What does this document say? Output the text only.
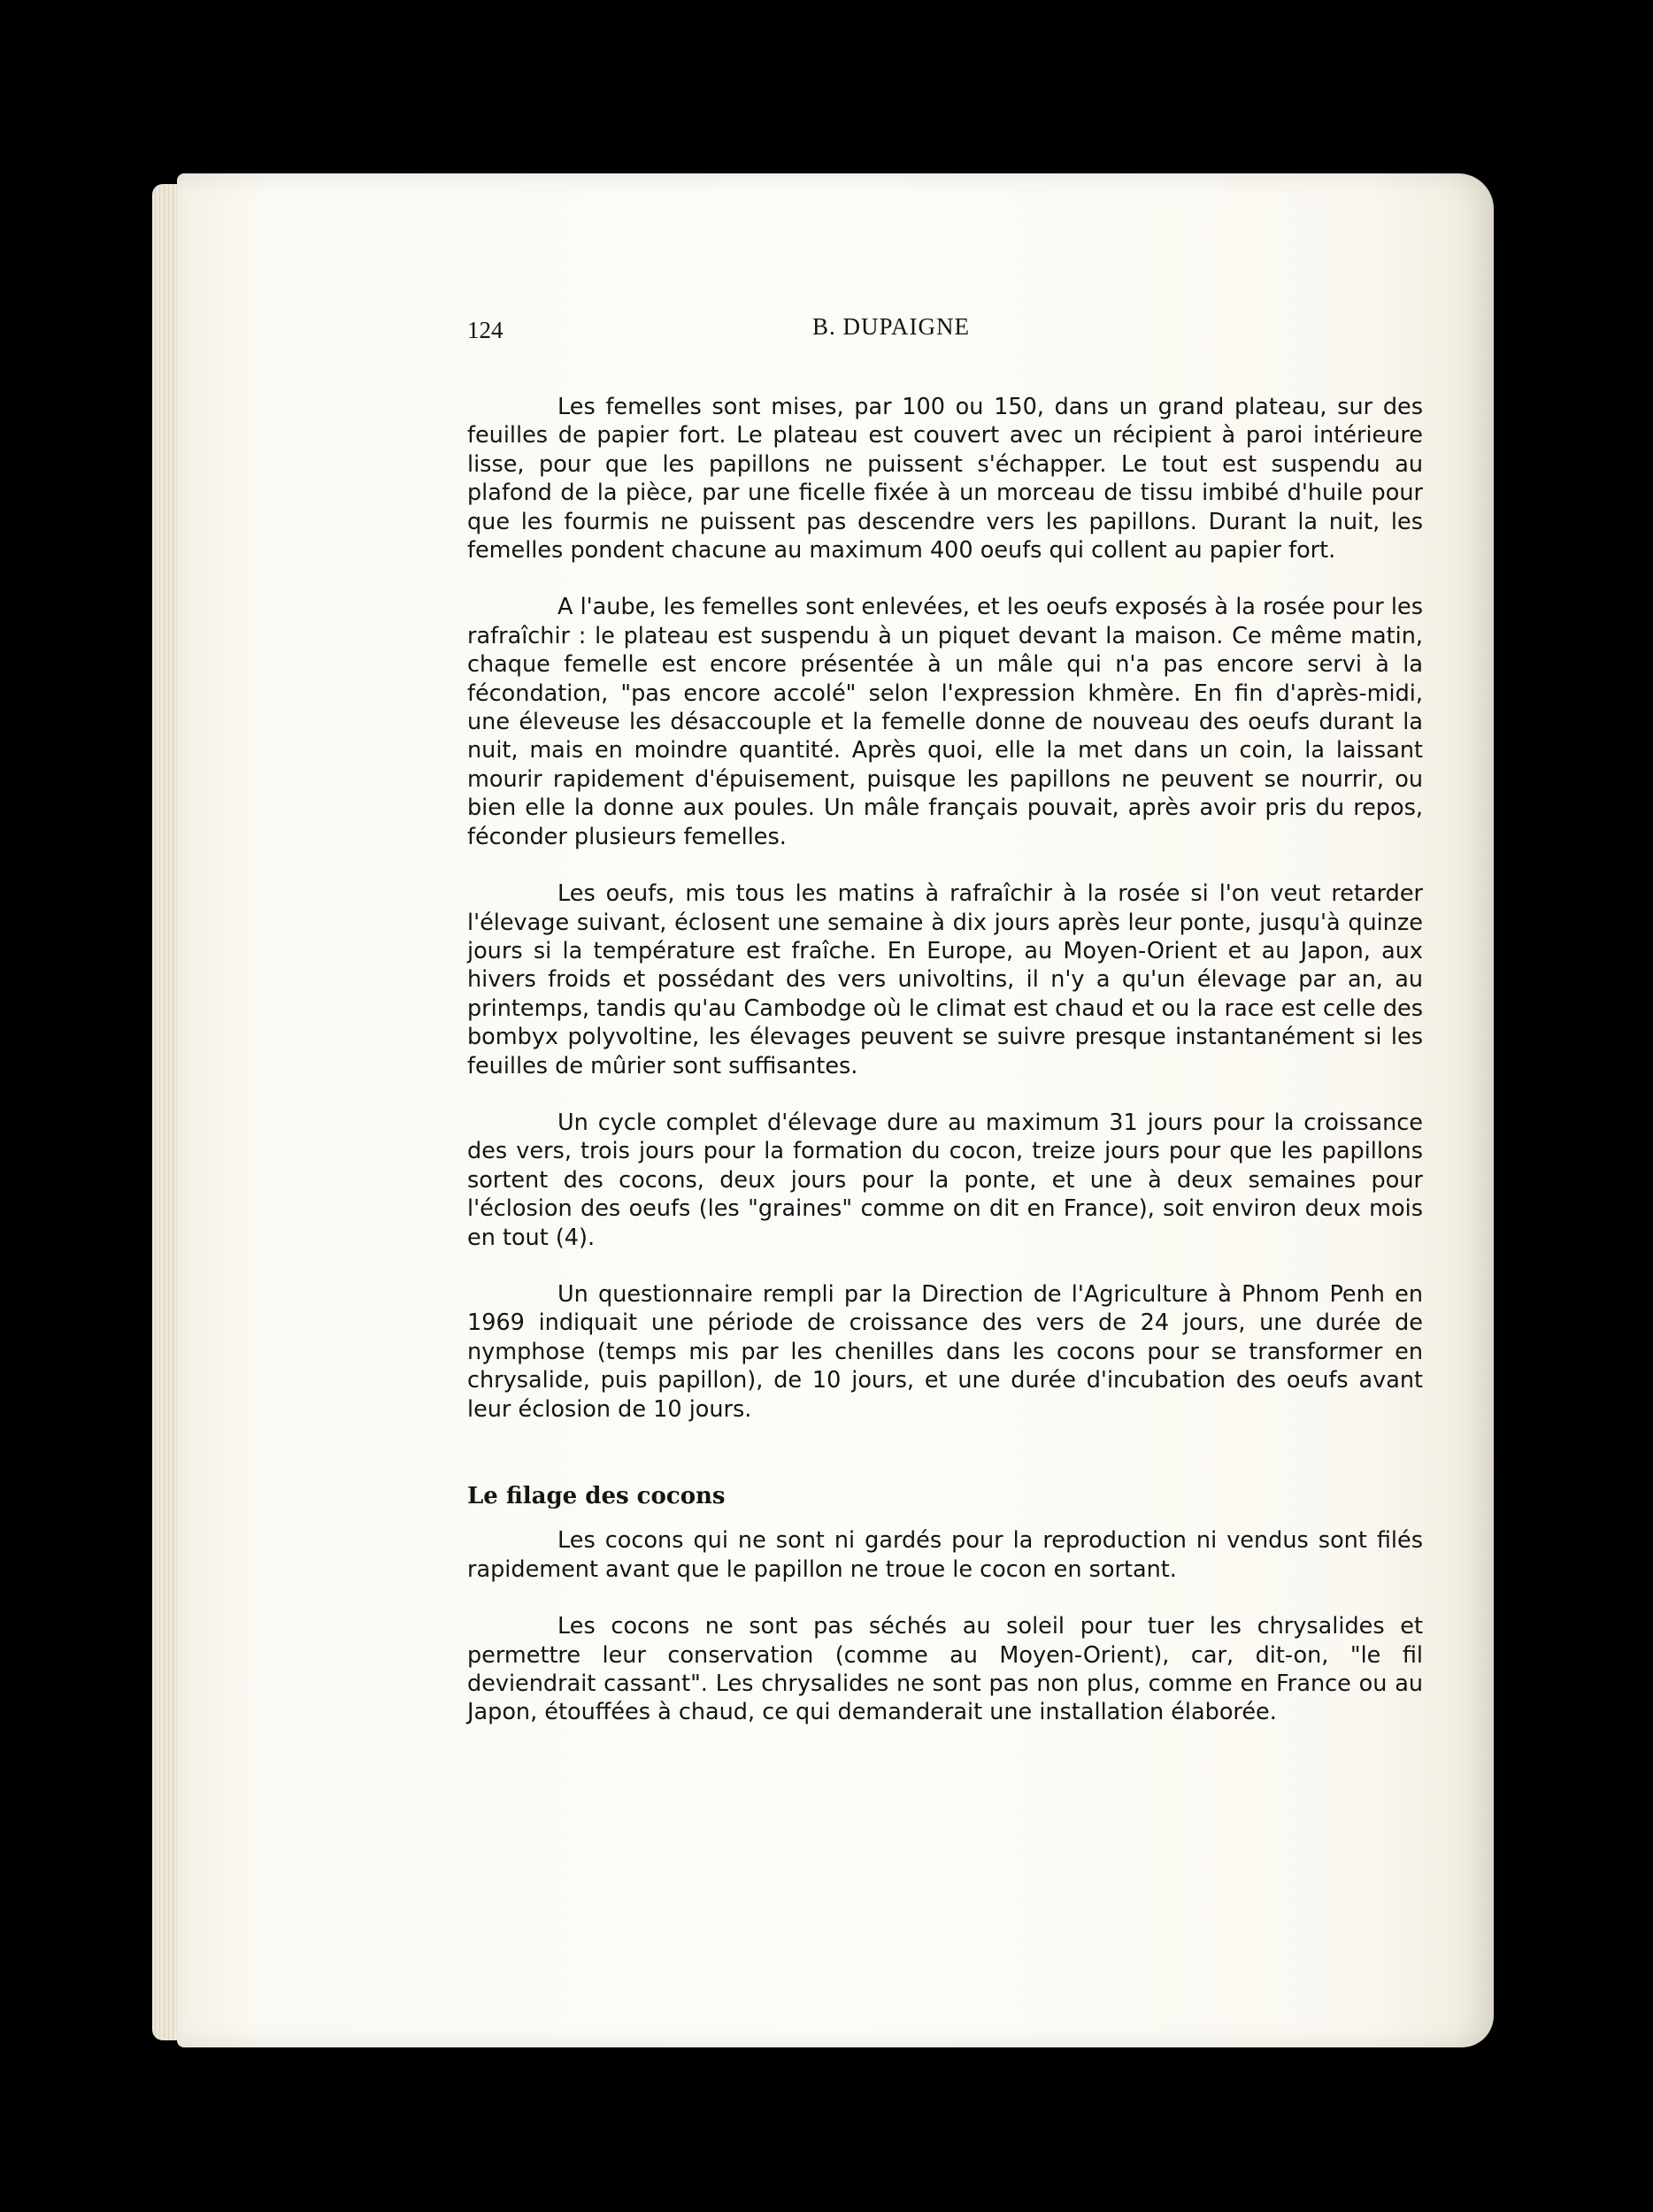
124	B. DUPAIGNE

Les femelles sont mises, par 100 ou 150, dans un grand plateau, sur des feuilles de papier fort. Le plateau est couvert avec un récipient à paroi intérieure lisse, pour que les papillons ne puissent s'échapper. Le tout est suspendu au plafond de la pièce, par une ficelle fixée à un morceau de tissu imbibé d'huile pour que les fourmis ne puissent pas descendre vers les papillons. Durant la nuit, les femelles pondent chacune au maximum 400 oeufs qui collent au papier fort.

A l'aube, les femelles sont enlevées, et les oeufs exposés à la rosée pour les rafraîchir : le plateau est suspendu à un piquet devant la maison. Ce même matin, chaque femelle est encore présentée à un mâle qui n'a pas encore servi à la fécondation, "pas encore accolé" selon l'expression khmère. En fin d'après-midi, une éleveuse les désaccouple et la femelle donne de nouveau des oeufs durant la nuit, mais en moindre quantité. Après quoi, elle la met dans un coin, la laissant mourir rapidement d'épuisement, puisque les papillons ne peuvent se nourrir, ou bien elle la donne aux poules. Un mâle français pouvait, après avoir pris du repos, féconder plusieurs femelles.

Les oeufs, mis tous les matins à rafraîchir à la rosée si l'on veut retarder l'élevage suivant, éclosent une semaine à dix jours après leur ponte, jusqu'à quinze jours si la température est fraîche. En Europe, au Moyen-Orient et au Japon, aux hivers froids et possédant des vers univoltins, il n'y a qu'un élevage par an, au printemps, tandis qu'au Cambodge où le climat est chaud et ou la race est celle des bombyx polyvoltine, les élevages peuvent se suivre presque instantanément si les feuilles de mûrier sont suffisantes.

Un cycle complet d'élevage dure au maximum 31 jours pour la croissance des vers, trois jours pour la formation du cocon, treize jours pour que les papillons sortent des cocons, deux jours pour la ponte, et une à deux semaines pour l'éclosion des oeufs (les "graines" comme on dit en France), soit environ deux mois en tout (4).

Un questionnaire rempli par la Direction de l'Agriculture à Phnom Penh en 1969 indiquait une période de croissance des vers de 24 jours, une durée de nymphose (temps mis par les chenilles dans les cocons pour se transformer en chrysalide, puis papillon), de 10 jours, et une durée d'incubation des oeufs avant leur éclosion de 10 jours.

Le filage des cocons

Les cocons qui ne sont ni gardés pour la reproduction ni vendus sont filés rapidement avant que le papillon ne troue le cocon en sortant.

Les cocons ne sont pas séchés au soleil pour tuer les chrysalides et permettre leur conservation (comme au Moyen-Orient), car, dit-on, "le fil deviendrait cassant". Les chrysalides ne sont pas non plus, comme en France ou au Japon, étouffées à chaud, ce qui demanderait une installation élaborée.
